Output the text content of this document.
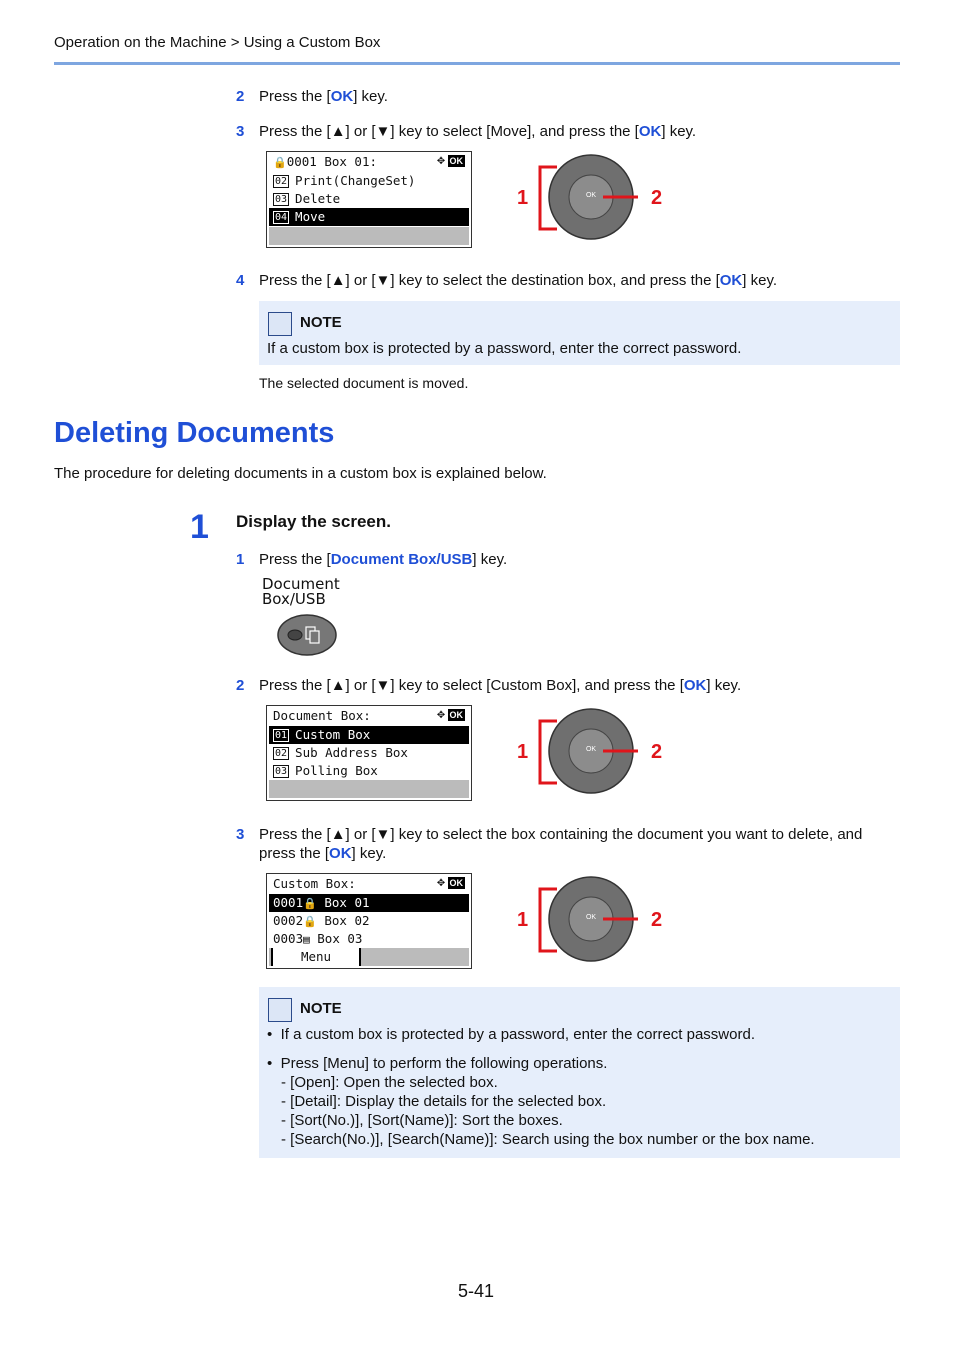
Operation on the Machine > Using a Custom Box
2 Press the [OK] key.
3 Press the [▲] or [▼] key to select [Move], and press the [OK] key.
🔒0001 Box 01:	✥ OK
02 Print(ChangeSet)
03 Delete
04 Move
OK
1	2
4 Press the [▲] or [▼] key to select the destination box, and press the [OK] key.
NOTE
If a custom box is protected by a password, enter the correct password.
The selected document is moved.
Deleting Documents
The procedure for deleting documents in a custom box is explained below.
1 Display the screen.
1 Press the [Document Box/USB] key.
Document
Box/USB
2 Press the [▲] or [▼] key to select [Custom Box], and press the [OK] key.
Document Box:	✥ OK
01 Custom Box
02 Sub Address Box
03 Polling Box
OK
1	2
3 Press the [▲] or [▼] key to select the box containing the document you want to delete, and
press the [OK] key.
Custom Box:	✥ OK
0001🔒 Box 01
0002🔒 Box 02
0003▤ Box 03
Menu
OK
1	2
NOTE
•  If a custom box is protected by a password, enter the correct password.
•  Press [Menu] to perform the following operations.
- [Open]: Open the selected box.
- [Detail]: Display the details for the selected box.
- [Sort(No.)], [Sort(Name)]: Sort the boxes.
- [Search(No.)], [Search(Name)]: Search using the box number or the box name.
5-41
